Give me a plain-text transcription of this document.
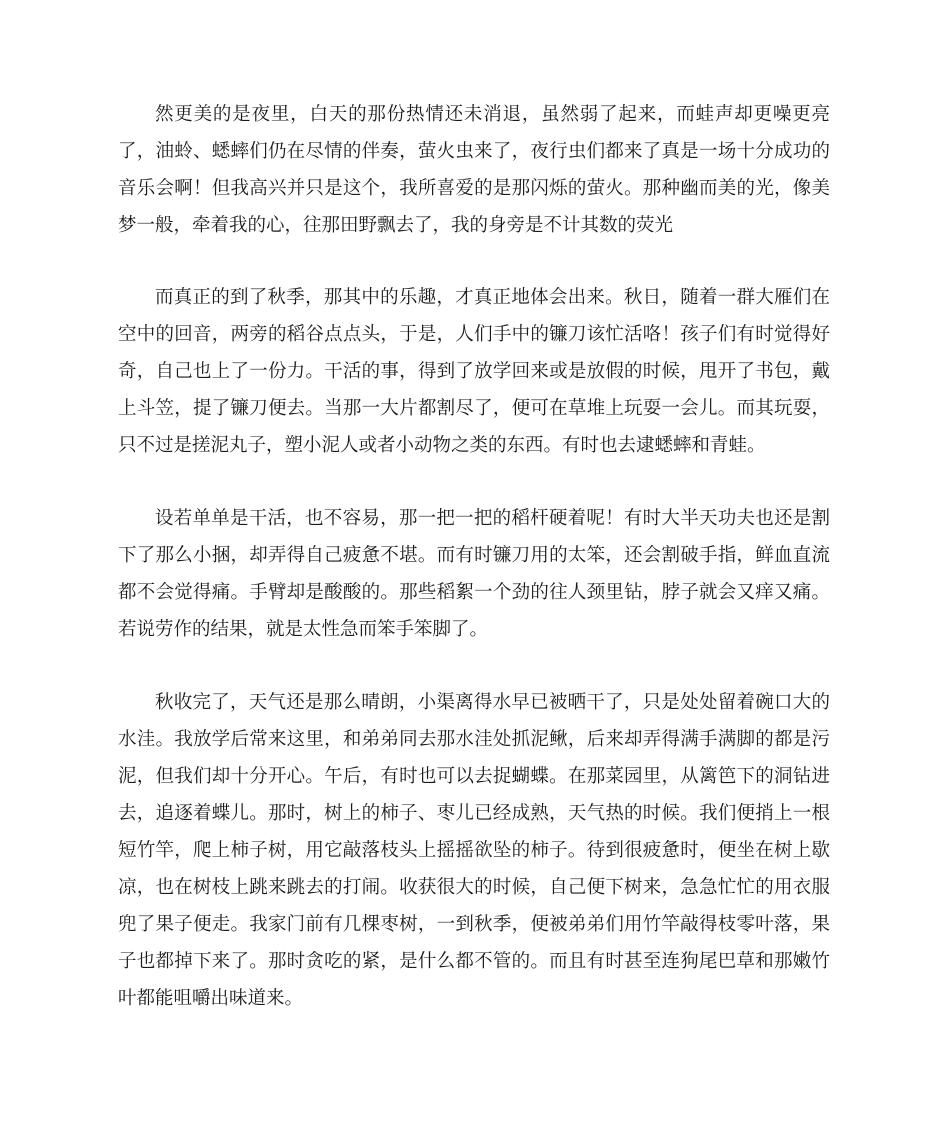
然更美的是夜里，白天的那份热情还未消退，虽然弱了起来，而蛙声却更噪更亮了，油蛉、蟋蟀们仍在尽情的伴奏，萤火虫来了，夜行虫们都来了真是一场十分成功的音乐会啊！但我高兴并只是这个，我所喜爱的是那闪烁的萤火。那种幽而美的光，像美梦一般，牵着我的心，往那田野飘去了，我的身旁是不计其数的荧光

而真正的到了秋季，那其中的乐趣，才真正地体会出来。秋日，随着一群大雁们在空中的回音，两旁的稻谷点点头，于是，人们手中的镰刀该忙活咯！孩子们有时觉得好奇，自己也上了一份力。干活的事，得到了放学回来或是放假的时候，甩开了书包，戴上斗笠，提了镰刀便去。当那一大片都割尽了，便可在草堆上玩耍一会儿。而其玩耍，只不过是搓泥丸子，塑小泥人或者小动物之类的东西。有时也去逮蟋蟀和青蛙。

设若单单是干活，也不容易，那一把一把的稻杆硬着呢！有时大半天功夫也还是割下了那么小捆，却弄得自己疲惫不堪。而有时镰刀用的太笨，还会割破手指，鲜血直流都不会觉得痛。手臂却是酸酸的。那些稻絮一个劲的往人颈里钻，脖子就会又痒又痛。若说劳作的结果，就是太性急而笨手笨脚了。

秋收完了，天气还是那么晴朗，小渠离得水早已被晒干了，只是处处留着碗口大的水洼。我放学后常来这里，和弟弟同去那水洼处抓泥鳅，后来却弄得满手满脚的都是污泥，但我们却十分开心。午后，有时也可以去捉蝴蝶。在那菜园里，从篱笆下的洞钻进去，追逐着蝶儿。那时，树上的柿子、枣儿已经成熟，天气热的时候。我们便捎上一根短竹竿，爬上柿子树，用它敲落枝头上摇摇欲坠的柿子。待到很疲惫时，便坐在树上歇凉，也在树枝上跳来跳去的打闹。收获很大的时候，自己便下树来，急急忙忙的用衣服兜了果子便走。我家门前有几棵枣树，一到秋季，便被弟弟们用竹竿敲得枝零叶落，果子也都掉下来了。那时贪吃的紧，是什么都不管的。而且有时甚至连狗尾巴草和那嫩竹叶都能咀嚼出味道来。
